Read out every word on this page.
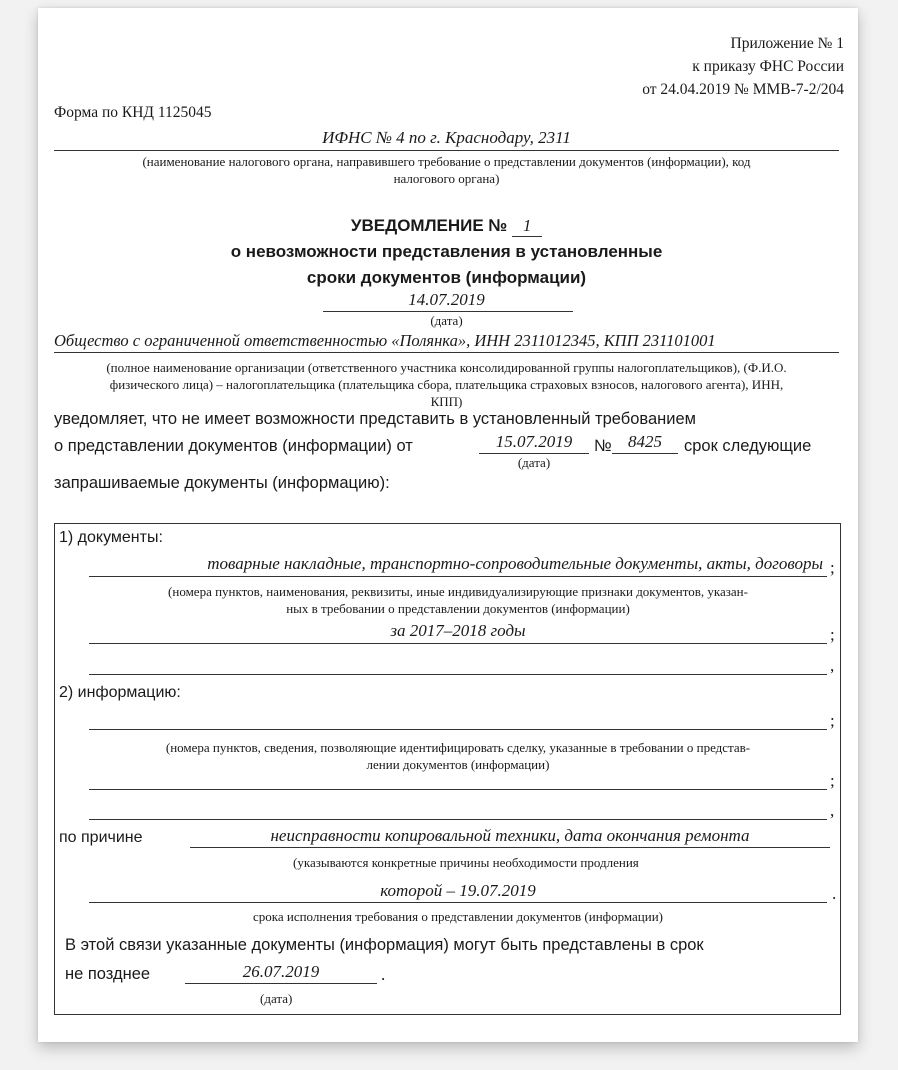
Приложение № 1
к приказу ФНС России
от 24.04.2019 № ММВ-7-2/204
Форма по КНД 1125045
ИФНС № 4 по г. Краснодару, 2311
(наименование налогового органа, направившего требование о представлении документов (информации), код
налогового органа)
УВЕДОМЛЕНИЕ № 1
о невозможности представления в установленные
сроки документов (информации)
14.07.2019
(дата)
Общество с ограниченной ответственностью «Полянка», ИНН 2311012345, КПП 231101001
(полное наименование организации (ответственного участника консолидированной группы налогоплательщиков), (Ф.И.О.
физического лица) – налогоплательщика (плательщика сбора, плательщика страховых взносов, налогового агента), ИНН,
КПП)
уведомляет, что не имеет возможности представить в установленный требованием
о представлении документов (информации) от	15.07.2019
(дата)
№ 8425	срок следующие
запрашиваемые документы (информацию):
1) документы:
товарные накладные, транспортно-сопроводительные документы, акты, договоры ;
(номера пунктов, наименования, реквизиты, иные индивидуализирующие признаки документов, указан-
ных в требовании о представлении документов (информации)
за 2017–2018 годы	;
,
2) информацию:
;
(номера пунктов, сведения, позволяющие идентифицировать сделку, указанные в требовании о представ-
лении документов (информации)
;
,
по причине	неисправности копировальной техники, дата окончания ремонта
(указываются конкретные причины необходимости продления
которой – 19.07.2019	.
срока исполнения требования о представлении документов (информации)
В этой связи указанные документы (информация) могут быть представлены в срок
не позднее	26.07.2019	.
(дата)
